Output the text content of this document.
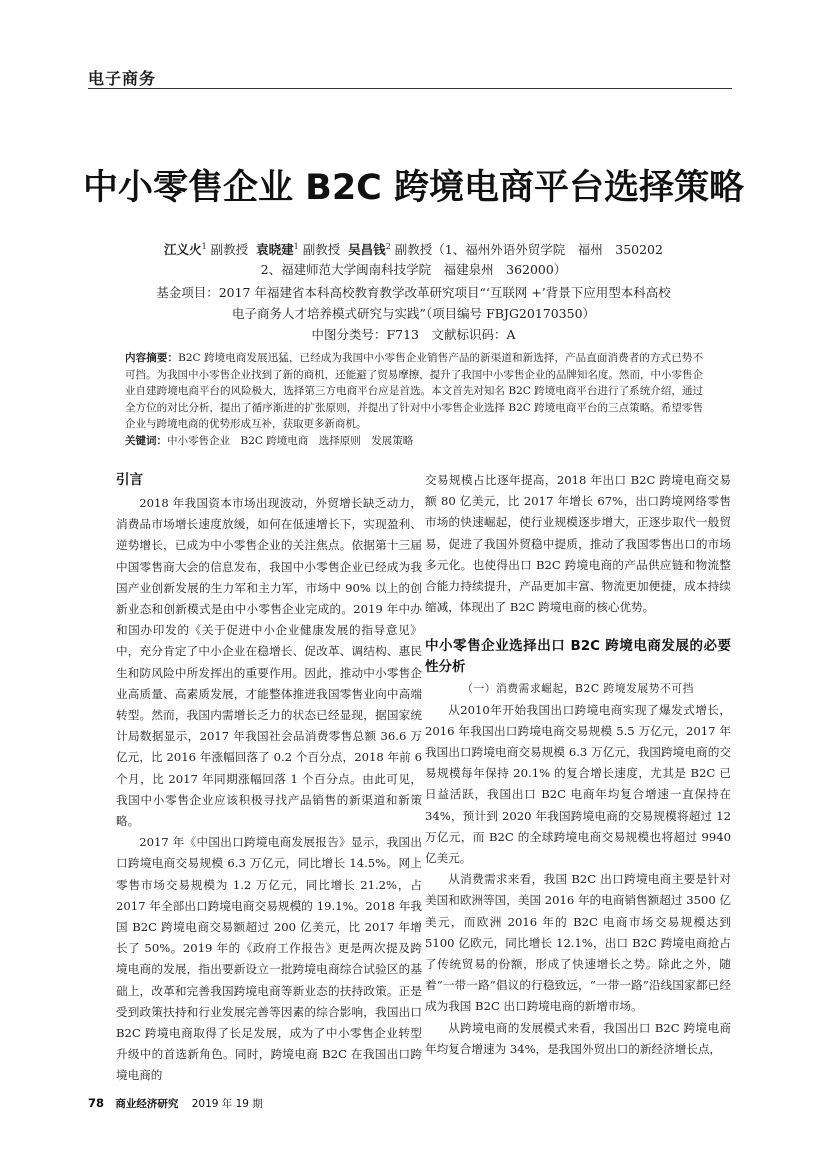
电子商务
中小零售企业 B2C 跨境电商平台选择策略
江义火$^1$ 副教授 袁晓建$^1$ 副教授 吴昌钱$^2$ 副教授（1、福州外语外贸学院　福州　350202
2、福建师范大学闽南科技学院　福建泉州　362000）
基金项目：2017 年福建省本科高校教育教学改革研究项目“‘互联网 +’背景下应用型本科高校
电子商务人才培养模式研究与实践”（项目编号 FBJG20170350）
中图分类号：F713　文献标识码：A
内容摘要：B2C 跨境电商发展迅猛，已经成为我国中小零售企业销售产品的新渠道和新选择，产品直面消费者的方式已势不可挡。为我国中小零售企业找到了新的商机，还能避了贸易摩擦，提升了我国中小零售企业的品牌知名度。然而，中小零售企业自建跨境电商平台的风险极大，选择第三方电商平台应是首选。本文首先对知名 B2C 跨境电商平台进行了系统介绍，通过全方位的对比分析，提出了循序渐进的扩张原则，并提出了针对中小零售企业选择 B2C 跨境电商平台的三点策略。希望零售企业与跨境电商的优势形成互补，获取更多新商机。
关键词：中小零售企业　B2C 跨境电商　选择原则　发展策略
引言

2018 年我国资本市场出现波动，外贸增长缺乏动力，消费品市场增长速度放缓，如何在低速增长下，实现盈利、逆势增长，已成为中小零售企业的关注焦点。依据第十三届中国零售商大会的信息发布，我国中小零售企业已经成为我国产业创新发展的生力军和主力军，市场中 90% 以上的创新业态和创新模式是由中小零售企业完成的。2019 年中办和国办印发的《关于促进中小企业健康发展的指导意见》中，充分肯定了中小企业在稳增长、促改革、调结构、惠民生和防风险中所发挥出的重要作用。因此，推动中小零售企业高质量、高素质发展，才能整体推进我国零售业向中高端转型。然而，我国内需增长乏力的状态已经显现，据国家统计局数据显示，2017 年我国社会品消费零售总额 36.6 万亿元，比 2016 年涨幅回落了 0.2 个百分点，2018 年前 6 个月，比 2017 年同期涨幅回落 1 个百分点。由此可见，我国中小零售企业应该积极寻找产品销售的新渠道和新策略。

2017 年《中国出口跨境电商发展报告》显示，我国出口跨境电商交易规模 6.3 万亿元，同比增长 14.5%。网上零售市场交易规模为 1.2 万亿元，同比增长 21.2%，占 2017 年全部出口跨境电商交易规模的 19.1%。2018 年我国 B2C 跨境电商交易额超过 200 亿美元，比 2017 年增长了 50%。2019 年的《政府工作报告》更是两次提及跨境电商的发展，指出要新设立一批跨境电商综合试验区的基础上，改革和完善我国跨境电商等新业态的扶持政策。正是受到政策扶持和行业发展完善等因素的综合影响，我国出口 B2C 跨境电商取得了长足发展，成为了中小零售企业转型升级中的首选新角色。同时，跨境电商 B2C 在我国出口跨境电商的

交易规模占比逐年提高，2018 年出口 B2C 跨境电商交易额 80 亿美元，比 2017 年增长 67%，出口跨境网络零售市场的快速崛起，使行业规模逐步增大，正逐步取代一般贸易，促进了我国外贸稳中提质，推动了我国零售出口的市场多元化。也使得出口 B2C 跨境电商的产品供应链和物流整合能力持续提升，产品更加丰富、物流更加便捷，成本持续缩减，体现出了 B2C 跨境电商的核心优势。

中小零售企业选择出口 B2C 跨境电商发展的必要性分析
（一）消费需求崛起，B2C 跨境发展势不可挡

从2010年开始我国出口跨境电商实现了爆发式增长，2016 年我国出口跨境电商交易规模 5.5 万亿元，2017 年我国出口跨境电商交易规模 6.3 万亿元，我国跨境电商的交易规模每年保持 20.1% 的复合增长速度，尤其是 B2C 已日益活跃，我国出口 B2C 电商年均复合增速一直保持在 34%，预计到 2020 年我国跨境电商的交易规模将超过 12 万亿元，而 B2C 的全球跨境电商交易规模也将超过 9940 亿美元。

从消费需求来看，我国 B2C 出口跨境电商主要是针对美国和欧洲等国，美国 2016 年的电商销售额超过 3500 亿美元，而欧洲 2016 年的 B2C 电商市场交易规模达到 5100 亿欧元，同比增长 12.1%，出口 B2C 跨境电商抢占了传统贸易的份额，形成了快速增长之势。除此之外，随着“一带一路”倡议的行稳致远，“一带一路”沿线国家都已经成为我国 B2C 出口跨境电商的新增市场。

从跨境电商的发展模式来看，我国出口 B2C 跨境电商年均复合增速为 34%，是我国外贸出口的新经济增长点，

78 商业经济研究 2019 年 19 期
